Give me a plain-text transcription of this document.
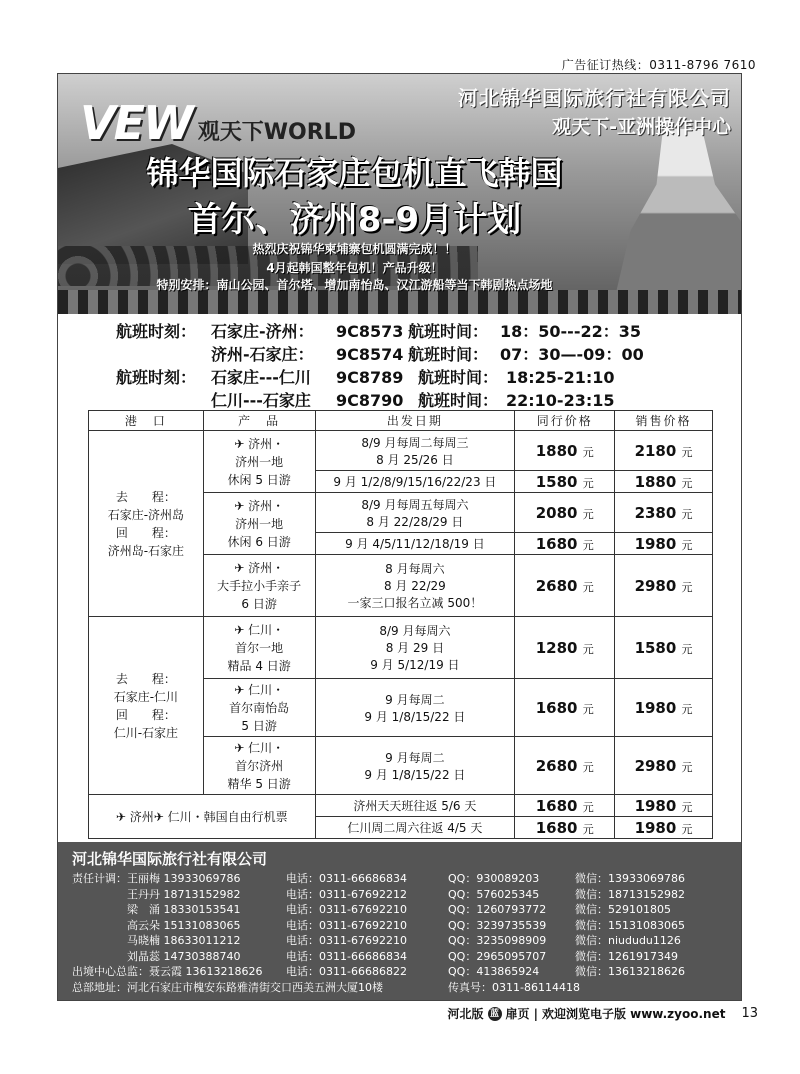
广告征订热线：0311-8796 7610
VEW 观天下WORLD
河北锦华国际旅行社有限公司
观天下-亚洲操作中心
锦华国际石家庄包机直飞韩国
首尔、济州8-9月计划
热烈庆祝锦华柬埔寨包机圆满完成！！
4月起韩国整年包机！产品升级！
特别安排：南山公园、首尔塔、增加南怡岛、汉江游船等当下韩剧热点场地
航班时刻： 石家庄-济州： 9C8573 航班时间： 18：50---22：35
济州-石家庄： 9C8574 航班时间： 07：30—-09：00
航班时刻： 石家庄---仁川 9C8789 航班时间： 18:25-21:10
仁川---石家庄 9C8790 航班时间： 22:10-23:15
港　口	产　品	出发日期	同行价格	销售价格
去　　程：
石家庄-济州岛
回　　程：
济州岛-石家庄	✈ 济州・
济州一地
休闲 5 日游	8/9 月每周二每周三
8 月 25/26 日	1880 元	2180 元
		9 月 1/2/8/9/15/16/22/23 日	1580 元	1880 元
	✈ 济州・
济州一地
休闲 6 日游	8/9 月每周五每周六
8 月 22/28/29 日	2080 元	2380 元
		9 月 4/5/11/12/18/19 日	1680 元	1980 元
	✈ 济州・
大手拉小手亲子
6 日游	8 月每周六
8 月 22/29
一家三口报名立减 500！	2680 元	2980 元
去　　程：
石家庄-仁川
回　　程：
仁川-石家庄	✈ 仁川・
首尔一地
精品 4 日游	8/9 月每周六
8 月 29 日
9 月 5/12/19 日	1280 元	1580 元
	✈ 仁川・
首尔南怡岛
5 日游	9 月每周二
9 月 1/8/15/22 日	1680 元	1980 元
	✈ 仁川・
首尔济州
精华 5 日游	9 月每周二
9 月 1/8/15/22 日	2680 元	2980 元
✈ 济州✈ 仁川・韩国自由行机票		济州天天班往返 5/6 天	1680 元	1980 元
		仁川周二周六往返 4/5 天	1680 元	1980 元
河北锦华国际旅行社有限公司
责任计调：王丽梅 13933069786	电话：0311-66686834	QQ：930089203	微信：13933069786
　　　　　王丹丹 18713152982	电话：0311-67692212	QQ：576025345	微信：18713152982
　　　　　梁　涌 18330153541	电话：0311-67692210	QQ：1260793772	微信：529101805
　　　　　高云朵 15131083065	电话：0311-67692210	QQ：3239735539	微信：15131083065
　　　　　马晓楠 18633011212	电话：0311-67692210	QQ：3235098909	微信：niududu1126
　　　　　刘晶蕊 14730388740	电话：0311-66686834	QQ：2965095707	微信：1261917349
出境中心总监：聂云霞 13613218626	电话：0311-66686822	QQ：413865924	微信：13613218626
总部地址：河北石家庄市槐安东路雅清街交口西美五洲大厦10楼	传真号：0311-86114418
河北版 蓝 扉页 | 欢迎浏览电子版 www.zyoo.net 13
